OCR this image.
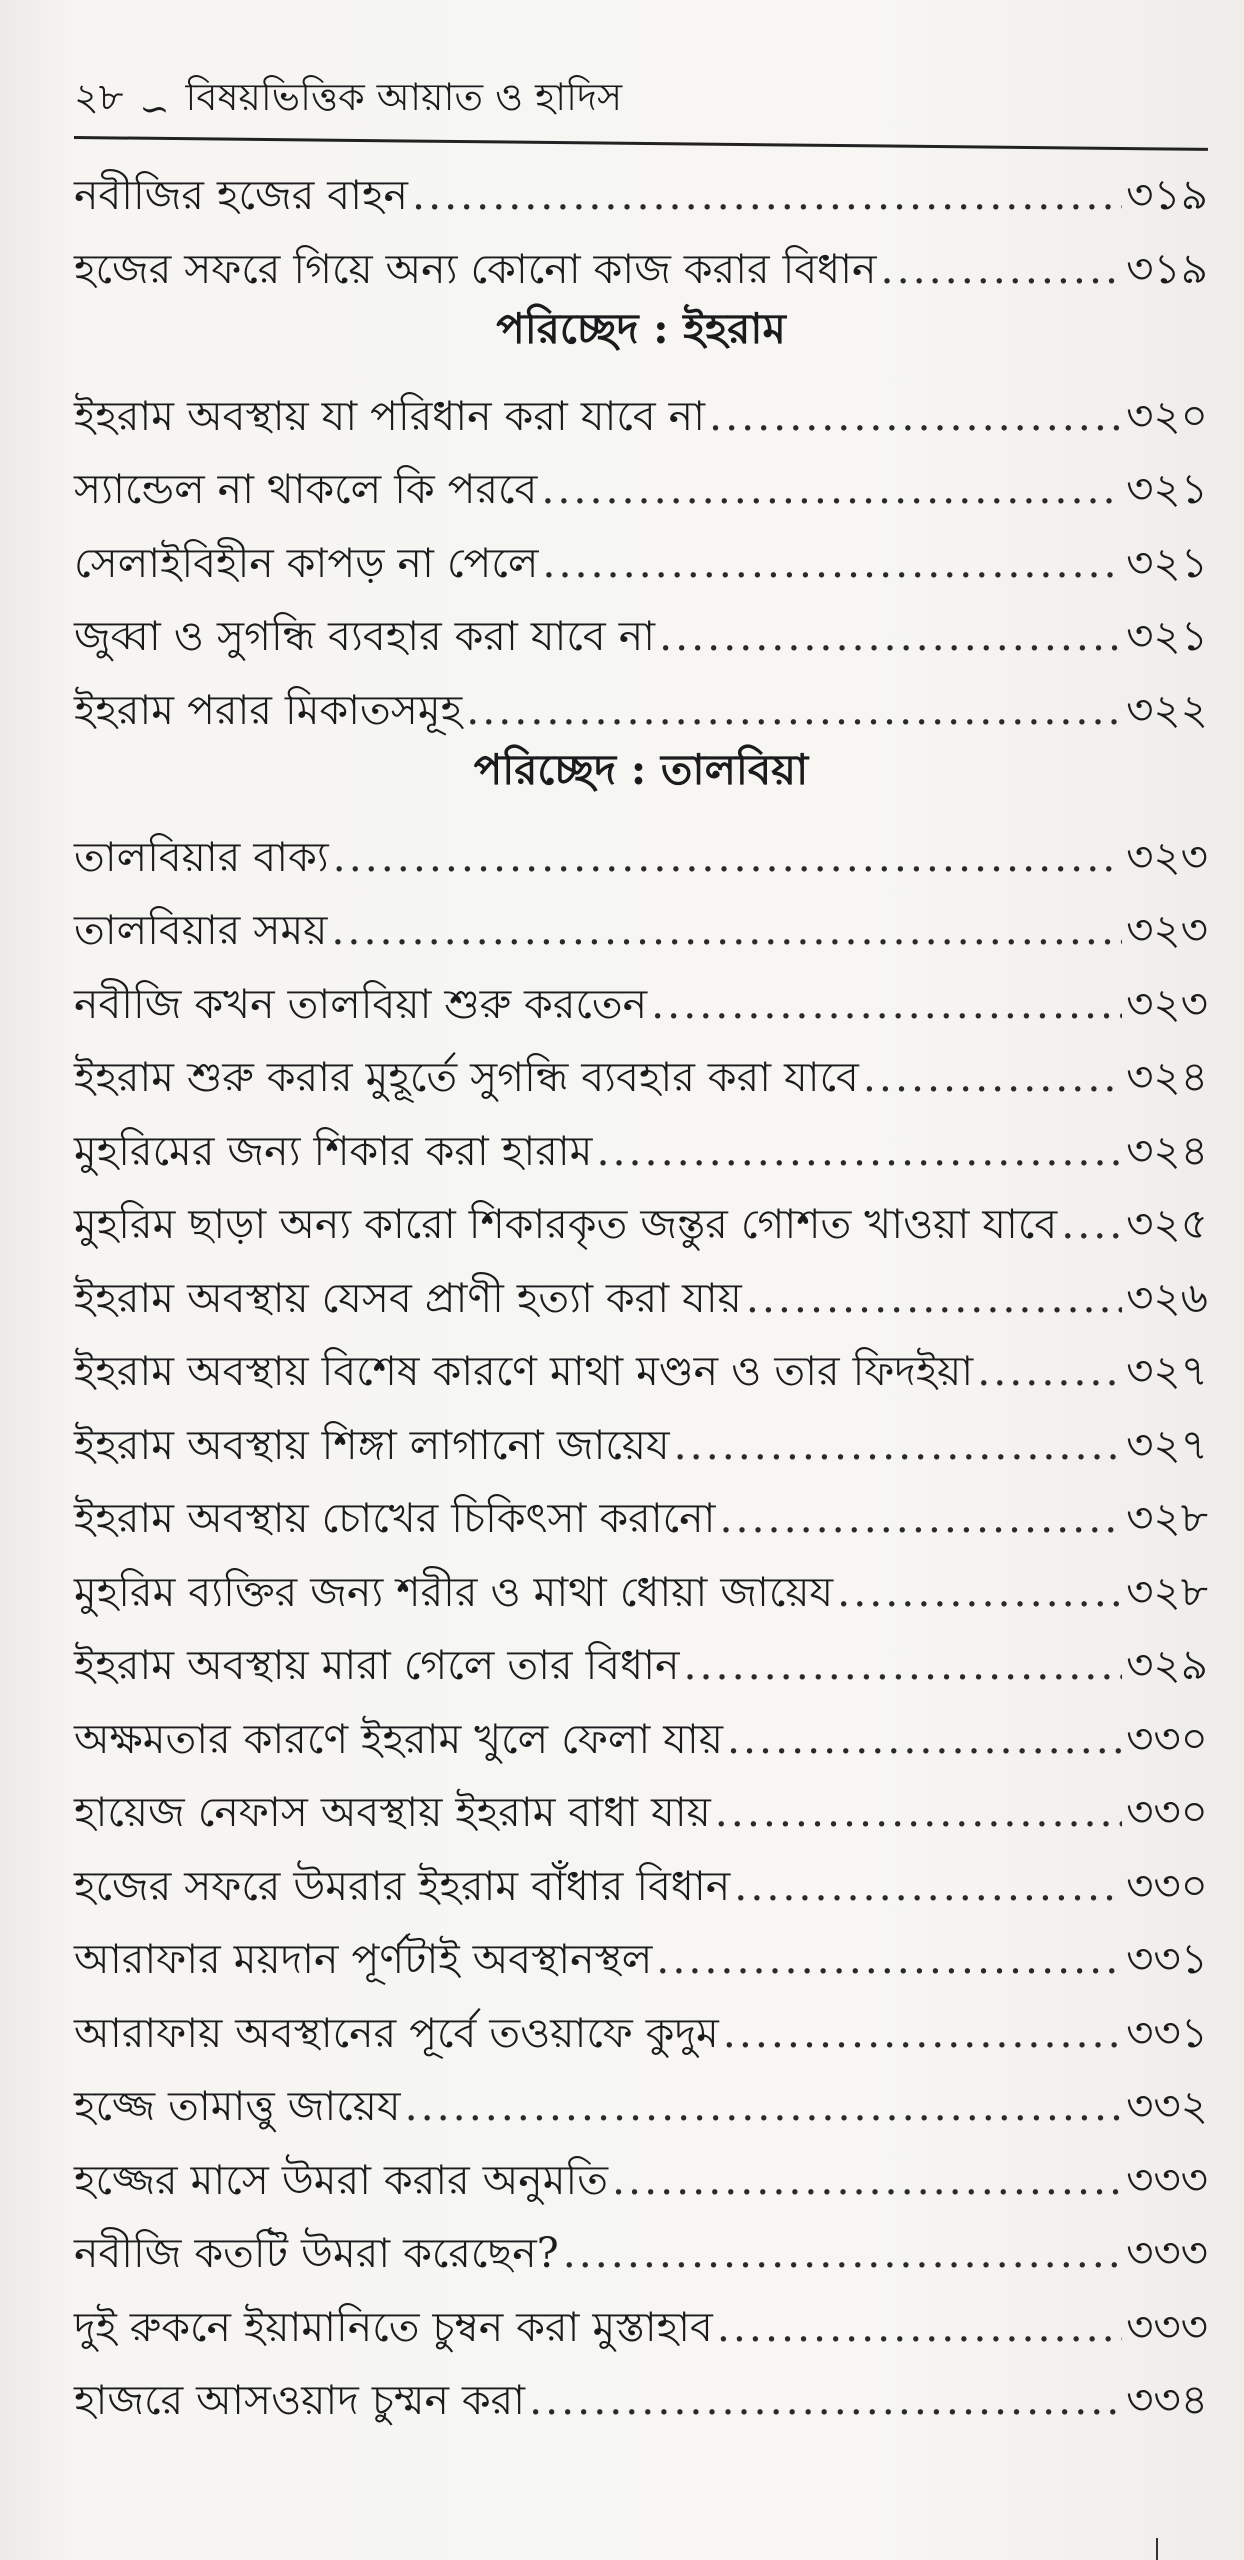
২৮ ∽ বিষয়ভিত্তিক আয়াত ও হাদিস
নবীজির হজের বাহন .....	৩১৯
হজের সফরে গিয়ে অন্য কোনো কাজ করার বিধান .....	৩১৯
পরিচ্ছেদ : ইহরাম
ইহরাম অবস্থায় যা পরিধান করা যাবে না .....	৩২০
স্যান্ডেল না থাকলে কি পরবে .....	৩২১
সেলাইবিহীন কাপড় না পেলে .....	৩২১
জুব্বা ও সুগন্ধি ব্যবহার করা যাবে না .....	৩২১
ইহরাম পরার মিকাতসমূহ .....	৩২২
পরিচ্ছেদ : তালবিয়া
তালবিয়ার বাক্য .....	৩২৩
তালবিয়ার সময় .....	৩২৩
নবীজি কখন তালবিয়া শুরু করতেন .....	৩২৩
ইহরাম শুরু করার মুহূর্তে সুগন্ধি ব্যবহার করা যাবে .....	৩২৪
মুহরিমের জন্য শিকার করা হারাম .....	৩২৪
মুহরিম ছাড়া অন্য কারো শিকারকৃত জন্তুর গোশত খাওয়া যাবে ..... ৩২৫
ইহরাম অবস্থায় যেসব প্রাণী হত্যা করা যায় .....	৩২৬
ইহরাম অবস্থায় বিশেষ কারণে মাথা মণ্ডন ও তার ফিদইয়া .....	৩২৭
ইহরাম অবস্থায় শিঙ্গা লাগানো জায়েয .....	৩২৭
ইহরাম অবস্থায় চোখের চিকিৎসা করানো .....	৩২৮
মুহরিম ব্যক্তির জন্য শরীর ও মাথা ধোয়া জায়েয .....	৩২৮
ইহরাম অবস্থায় মারা গেলে তার বিধান .....	৩২৯
অক্ষমতার কারণে ইহরাম খুলে ফেলা যায় .....	৩৩০
হায়েজ নেফাস অবস্থায় ইহরাম বাধা যায় .....	৩৩০
হজের সফরে উমরার ইহরাম বাঁধার বিধান .....	৩৩০
আরাফার ময়দান পূর্ণটাই অবস্থানস্থল .....	৩৩১
আরাফায় অবস্থানের পূর্বে তওয়াফে কুদুম .....	৩৩১
হজ্জে তামাত্তু জায়েয .....	৩৩২
হজ্জের মাসে উমরা করার অনুমতি .....	৩৩৩
নবীজি কতটি উমরা করেছেন? .....	৩৩৩
দুই রুকনে ইয়ামানিতে চুম্বন করা মুস্তাহাব .....	৩৩৩
হাজরে আসওয়াদ চুম্মন করা .....	৩৩৪
